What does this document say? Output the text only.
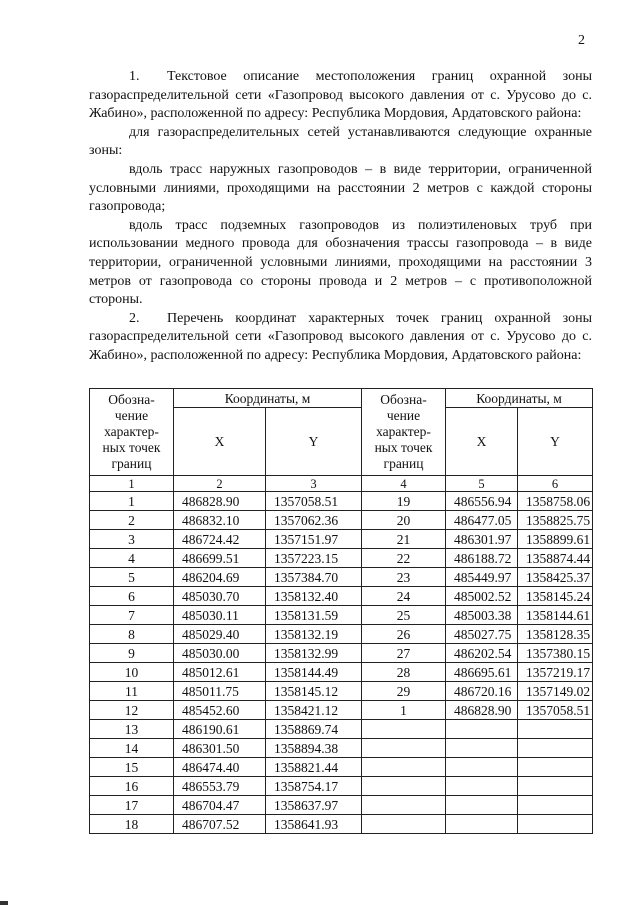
2

1. Текстовое описание местоположения границ охранной зоны газораспределительной сети «Газопровод высокого давления от с. Урусово до с. Жабино», расположенной по адресу: Республика Мордовия, Ардатовского района:

для газораспределительных сетей устанавливаются следующие охранные зоны:

вдоль трасс наружных газопроводов – в виде территории, ограниченной условными линиями, проходящими на расстоянии 2 метров с каждой стороны газопровода;

вдоль трасс подземных газопроводов из полиэтиленовых труб при использовании медного провода для обозначения трассы газопровода – в виде территории, ограниченной условными линиями, проходящими на расстоянии 3 метров от газопровода со стороны провода и 2 метров – с противоположной стороны.

2. Перечень координат характерных точек границ охранной зоны газораспределительной сети «Газопровод высокого давления от с. Урусово до с. Жабино», расположенной по адресу: Республика Мордовия, Ардатовского района:

Обозна-чение характер-ных точек границ	Координаты, м		Обозна-чение характер-ных точек границ	Координаты, м	
	X	Y		X	Y
1	2	3	4	5	6
1	486828.90	1357058.51	19	486556.94	1358758.06
2	486832.10	1357062.36	20	486477.05	1358825.75
3	486724.42	1357151.97	21	486301.97	1358899.61
4	486699.51	1357223.15	22	486188.72	1358874.44
5	486204.69	1357384.70	23	485449.97	1358425.37
6	485030.70	1358132.40	24	485002.52	1358145.24
7	485030.11	1358131.59	25	485003.38	1358144.61
8	485029.40	1358132.19	26	485027.75	1358128.35
9	485030.00	1358132.99	27	486202.54	1357380.15
10	485012.61	1358144.49	28	486695.61	1357219.17
11	485011.75	1358145.12	29	486720.16	1357149.02
12	485452.60	1358421.12	1	486828.90	1357058.51
13	486190.61	1358869.74			
14	486301.50	1358894.38			
15	486474.40	1358821.44			
16	486553.79	1358754.17			
17	486704.47	1358637.97			
18	486707.52	1358641.93			
